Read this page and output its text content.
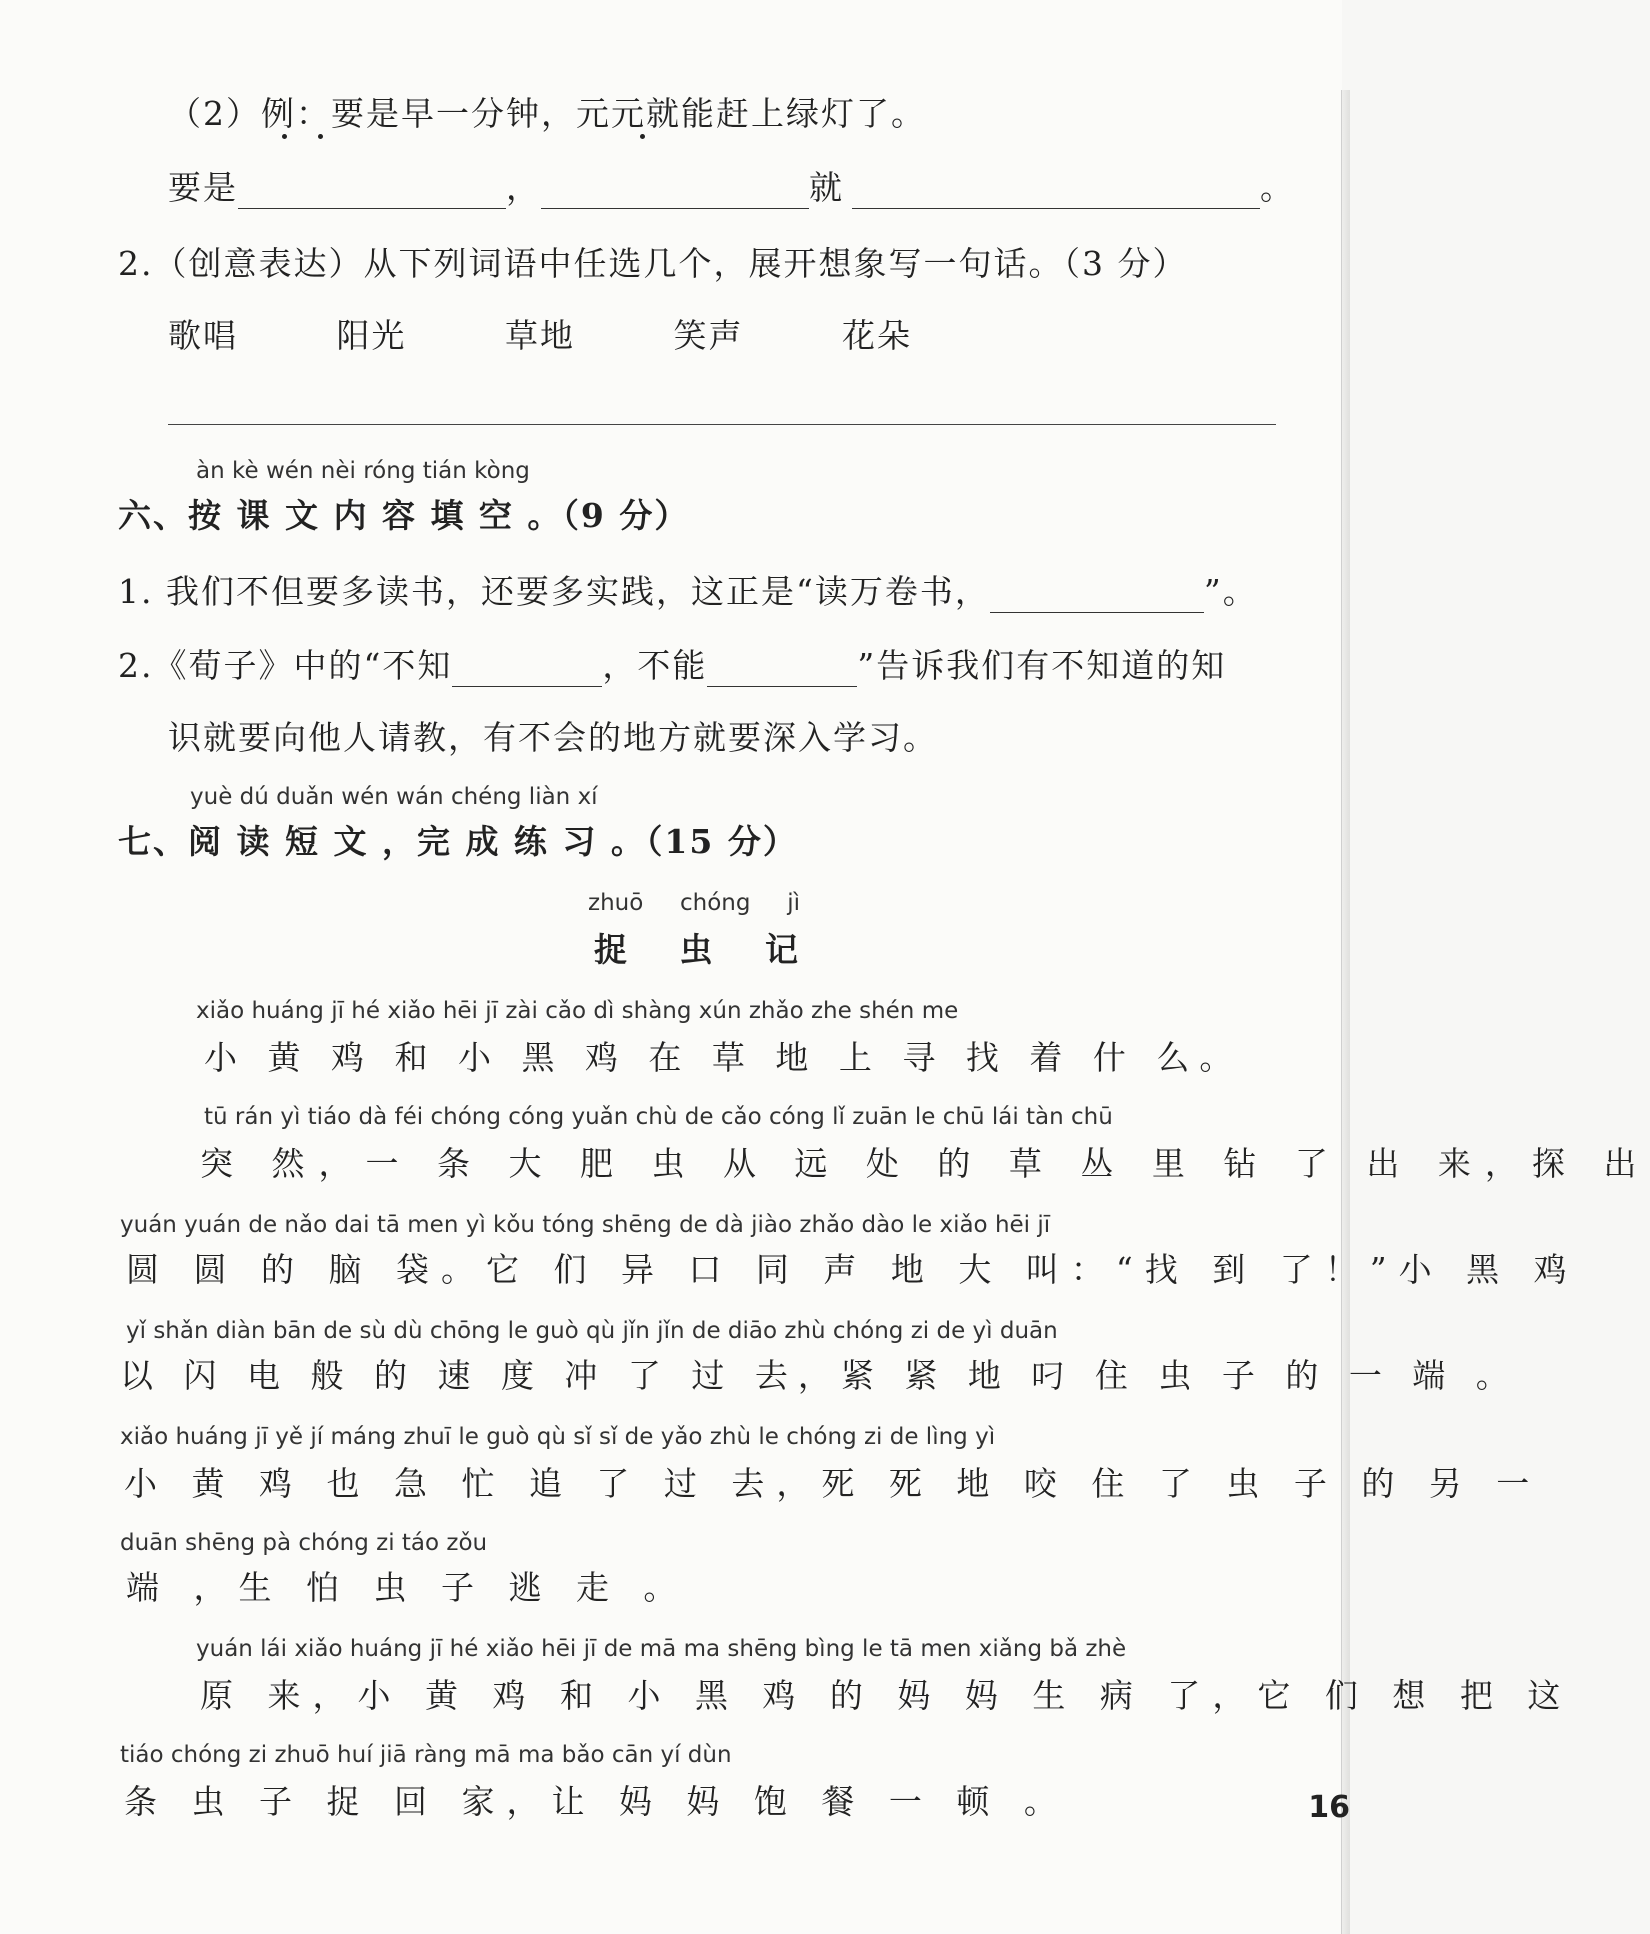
（2）例：要是早一分钟，元元就能赶上绿灯了。
要是	，	就	。
2.（创意表达）从下列词语中任选几个，展开想象写一句话。（3 分）
歌唱	阳光	草地	笑声	花朵
àn kè wén nèi róng tián kòng
六、按 课 文 内 容 填 空 。（9 分）
1. 我们不但要多读书，还要多实践，这正是“读万卷书，	”。
2.《荀子》中的“不知	，不能	”告诉我们有不知道的知
识就要向他人请教，有不会的地方就要深入学习。
yuè dú duǎn wén wán chéng liàn xí
七、阅 读 短 文 ，完 成 练 习 。（15 分）
zhuō chóng jì
捉 虫 记
xiǎo huáng jī hé xiǎo hēi jī zài cǎo dì shàng xún zhǎo zhe shén me
小 黄 鸡 和 小 黑 鸡 在 草 地 上 寻 找 着 什 么。
tū rán yì tiáo dà féi chóng cóng yuǎn chù de cǎo cóng lǐ zuān le chū lái tàn chū
突 然，一 条 大 肥 虫 从 远 处 的 草 丛 里 钻 了 出 来，探 出
yuán yuán de nǎo dai tā men yì kǒu tóng shēng de dà jiào zhǎo dào le xiǎo hēi jī
圆 圆 的 脑 袋。它 们 异 口 同 声 地 大 叫：“找 到 了！”小 黑 鸡
yǐ shǎn diàn bān de sù dù chōng le guò qù jǐn jǐn de diāo zhù chóng zi de yì duān
以 闪 电 般 的 速 度 冲 了 过 去，紧 紧 地 叼 住 虫 子 的 一 端 。
xiǎo huáng jī yě jí máng zhuī le guò qù sǐ sǐ de yǎo zhù le chóng zi de lìng yì
小 黄 鸡 也 急 忙 追 了 过 去，死 死 地 咬 住 了 虫 子 的 另 一
duān shēng pà chóng zi táo zǒu
端 ，生 怕 虫 子 逃 走 。
yuán lái xiǎo huáng jī hé xiǎo hēi jī de mā ma shēng bìng le tā men xiǎng bǎ zhè
原 来，小 黄 鸡 和 小 黑 鸡 的 妈 妈 生 病 了，它 们 想 把 这
tiáo chóng zi zhuō huí jiā ràng mā ma bǎo cān yí dùn
条 虫 子 捉 回 家，让 妈 妈 饱 餐 一 顿 。	16
